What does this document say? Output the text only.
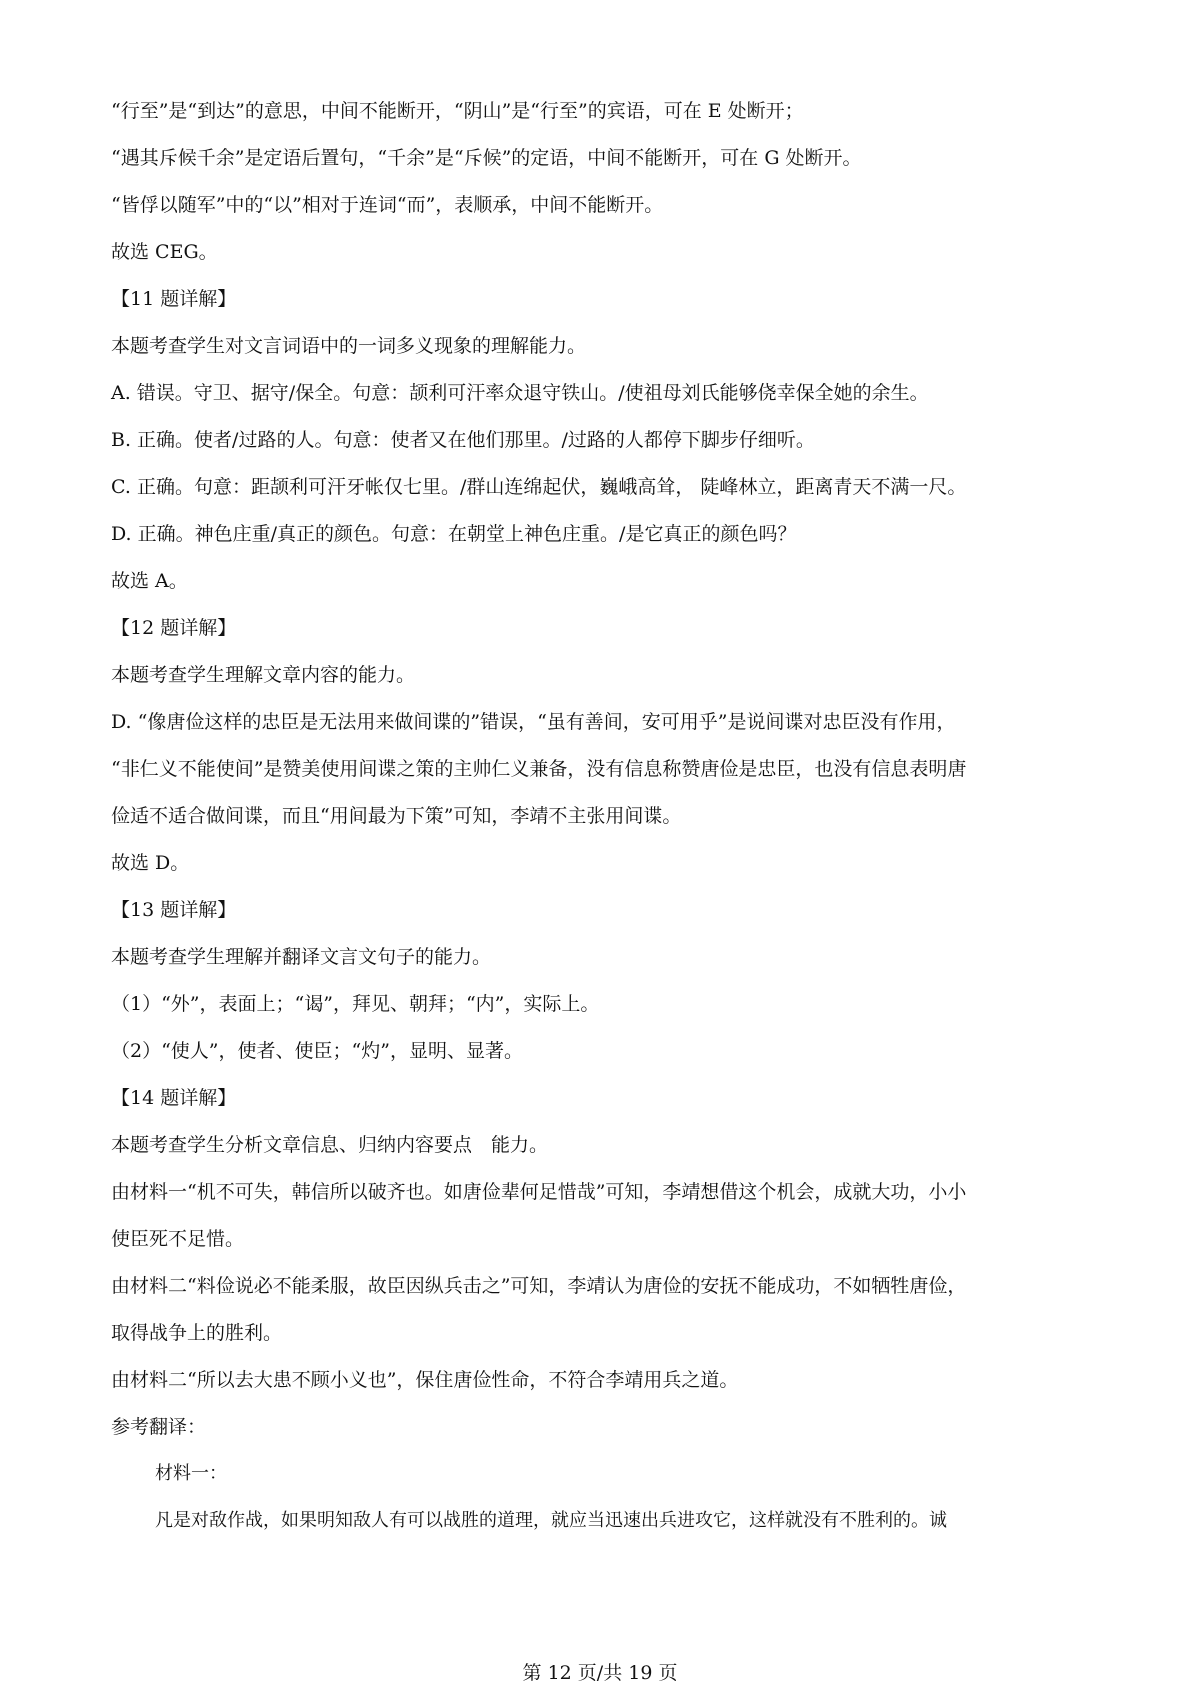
“行至”是“到达”的意思，中间不能断开，“阴山”是“行至”的宾语，可在 E 处断开；
“遇其斥候千余”是定语后置句，“千余”是“斥候”的定语，中间不能断开，可在 G 处断开。
“皆俘以随军”中的“以”相对于连词“而”，表顺承，中间不能断开。
故选 CEG。
【11 题详解】
本题考查学生对文言词语中的一词多义现象的理解能力。
A. 错误。守卫、据守/保全。句意：颉利可汗率众退守铁山。/使祖母刘氏能够侥幸保全她的余生。
B. 正确。使者/过路的人。句意：使者又在他们那里。/过路的人都停下脚步仔细听。
C. 正确。句意：距颉利可汗牙帐仅七里。/群山连绵起伏，巍峨高耸， 陡峰林立，距离青天不满一尺。
D. 正确。神色庄重/真正的颜色。句意：在朝堂上神色庄重。/是它真正的颜色吗？
故选 A。
【12 题详解】
本题考查学生理解文章内容的能力。
D. “像唐俭这样的忠臣是无法用来做间谍的”错误，“虽有善间，安可用乎”是说间谍对忠臣没有作用，
“非仁义不能使间”是赞美使用间谍之策的主帅仁义兼备，没有信息称赞唐俭是忠臣，也没有信息表明唐
俭适不适合做间谍，而且“用间最为下策”可知，李靖不主张用间谍。
故选 D。
【13 题详解】
本题考查学生理解并翻译文言文句子的能力。
（1）“外”，表面上；“谒”，拜见、朝拜；“内”，实际上。
（2）“使人”，使者、使臣；“灼”，显明、显著。
【14 题详解】
本题考查学生分析文章信息、归纳内容要点　能力。
由材料一“机不可失，韩信所以破齐也。如唐俭辈何足惜哉”可知，李靖想借这个机会，成就大功，小小
使臣死不足惜。
由材料二“料俭说必不能柔服，故臣因纵兵击之”可知，李靖认为唐俭的安抚不能成功，不如牺牲唐俭，
取得战争上的胜利。
由材料二“所以去大患不顾小义也”，保住唐俭性命，不符合李靖用兵之道。
参考翻译：
材料一：
凡是对敌作战，如果明知敌人有可以战胜的道理，就应当迅速出兵进攻它，这样就没有不胜利的。诚
第 12 页/共 19 页
